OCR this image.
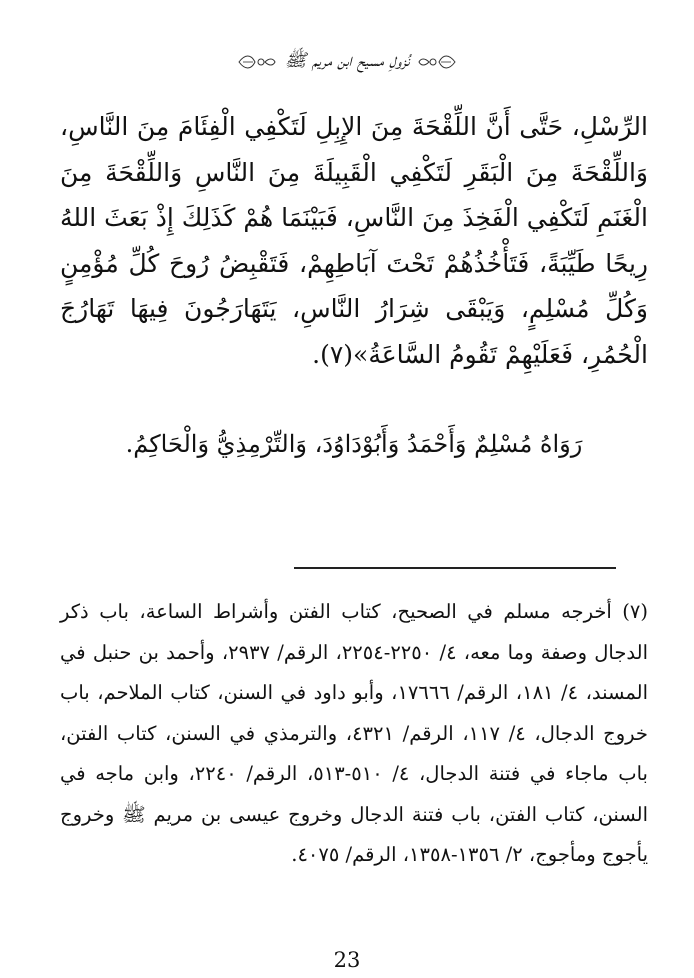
نُزولِ مسيح ابن مريم ﷺ
الرِّسْلِ، حَتَّى أَنَّ اللِّقْحَةَ مِنَ الإِبِلِ لَتَكْفِي الْفِئَامَ مِنَ النَّاسِ، وَاللِّقْحَةَ مِنَ الْبَقَرِ لَتَكْفِي الْقَبِيلَةَ مِنَ النَّاسِ وَاللِّقْحَةَ مِنَ الْغَنَمِ لَتَكْفِي الْفَخِذَ مِنَ النَّاسِ، فَبَيْنَمَا هُمْ كَذَلِكَ إِذْ بَعَثَ اللهُ رِيحًا طَيِّبَةً، فَتَأْخُذُهُمْ تَحْتَ آبَاطِهِمْ، فَتَقْبِضُ رُوحَ كُلِّ مُؤْمِنٍ وَكُلِّ مُسْلِمٍ، وَيَبْقَى شِرَارُ النَّاسِ، يَتَهَارَجُونَ فِيهَا تَهَارُجَ الْحُمُرِ، فَعَلَيْهِمْ تَقُومُ السَّاعَةُ»(٧).
رَوَاهُ مُسْلِمٌ وَأَحْمَدُ وَأَبُوْدَاوُدَ، وَالتِّرْمِذِيُّ وَالْحَاكِمُ.
(٧) أخرجه مسلم في الصحيح، كتاب الفتن وأشراط الساعة، باب ذكر الدجال وصفة وما معه، ٤/ ٢٢٥٠-٢٢٥٤، الرقم/ ٢٩٣٧، وأحمد بن حنبل في المسند، ٤/ ١٨١، الرقم/ ١٧٦٦٦، وأبو داود في السنن، كتاب الملاحم، باب خروج الدجال، ٤/ ١١٧، الرقم/ ٤٣٢١، والترمذي في السنن، كتاب الفتن، باب ماجاء في فتنة الدجال، ٤/ ٥١٠-٥١٣، الرقم/ ٢٢٤٠، وابن ماجه في السنن، كتاب الفتن، باب فتنة الدجال وخروج عيسى بن مريم ﷺ وخروج يأجوج ومأجوج، ٢/ ١٣٥٦-١٣٥٨، الرقم/ ٤٠٧٥.
23
